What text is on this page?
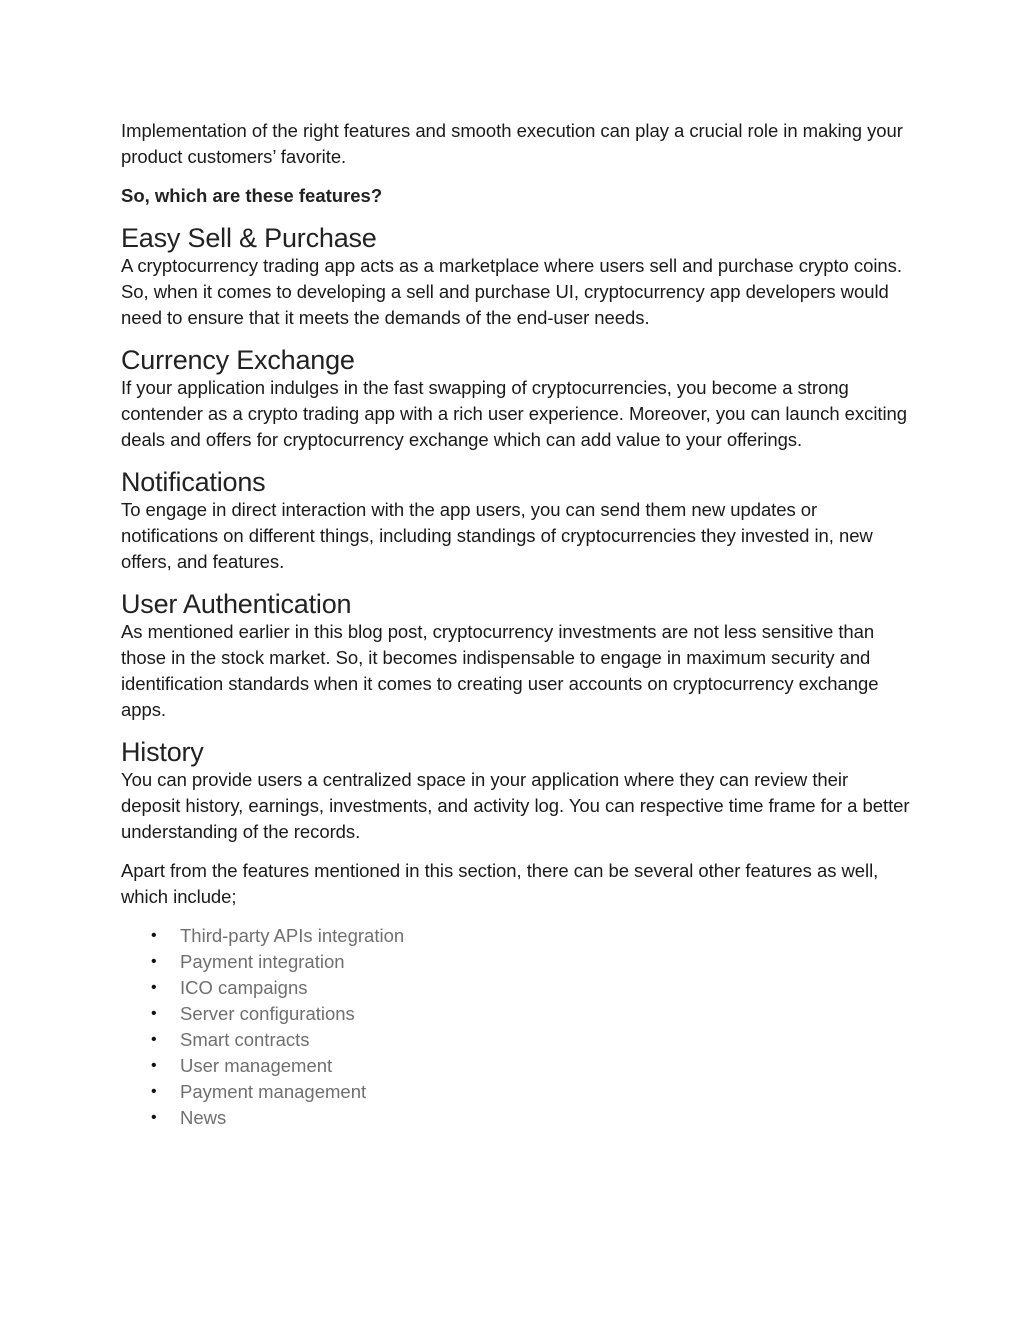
Implementation of the right features and smooth execution can play a crucial role in making your product customers’ favorite.

So, which are these features?

Easy Sell & Purchase

A cryptocurrency trading app acts as a marketplace where users sell and purchase crypto coins. So, when it comes to developing a sell and purchase UI, cryptocurrency app developers would need to ensure that it meets the demands of the end-user needs.

Currency Exchange

If your application indulges in the fast swapping of cryptocurrencies, you become a strong contender as a crypto trading app with a rich user experience. Moreover, you can launch exciting deals and offers for cryptocurrency exchange which can add value to your offerings.

Notifications

To engage in direct interaction with the app users, you can send them new updates or notifications on different things, including standings of cryptocurrencies they invested in, new offers, and features.

User Authentication

As mentioned earlier in this blog post, cryptocurrency investments are not less sensitive than those in the stock market. So, it becomes indispensable to engage in maximum security and identification standards when it comes to creating user accounts on cryptocurrency exchange apps.

History

You can provide users a centralized space in your application where they can review their deposit history, earnings, investments, and activity log. You can respective time frame for a better understanding of the records.

Apart from the features mentioned in this section, there can be several other features as well, which include;

• Third-party APIs integration
• Payment integration
• ICO campaigns
• Server configurations
• Smart contracts
• User management
• Payment management
• News
